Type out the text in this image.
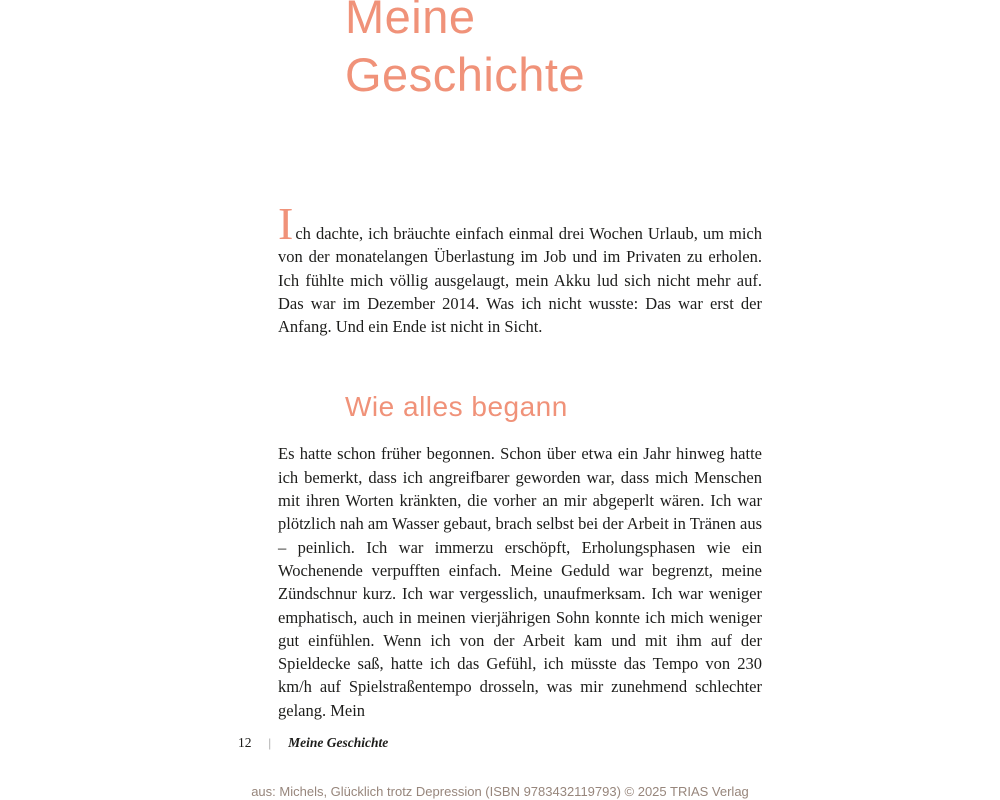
Meine
Geschichte

Ich dachte, ich bräuchte einfach einmal drei Wochen Urlaub, um mich von der monatelangen Überlastung im Job und im Privaten zu erholen. Ich fühlte mich völlig ausgelaugt, mein Akku lud sich nicht mehr auf. Das war im Dezember 2014. Was ich nicht wusste: Das war erst der Anfang. Und ein Ende ist nicht in Sicht.

Wie alles begann

Es hatte schon früher begonnen. Schon über etwa ein Jahr hinweg hatte ich bemerkt, dass ich angreifbarer geworden war, dass mich Menschen mit ihren Worten kränkten, die vorher an mir abgeperlt wären. Ich war plötzlich nah am Wasser gebaut, brach selbst bei der Arbeit in Tränen aus – peinlich. Ich war immerzu erschöpft, Erholungsphasen wie ein Wochenende verpufften einfach. Meine Geduld war begrenzt, meine Zündschnur kurz. Ich war vergesslich, unaufmerksam. Ich war weniger emphatisch, auch in meinen vierjährigen Sohn konnte ich mich weniger gut einfühlen. Wenn ich von der Arbeit kam und mit ihm auf der Spieldecke saß, hatte ich das Gefühl, ich müsste das Tempo von 230 km/h auf Spielstraßentempo drosseln, was mir zunehmend schlechter gelang. Mein

12 | Meine Geschichte
aus: Michels, Glücklich trotz Depression (ISBN 9783432119793) © 2025 TRIAS Verlag
